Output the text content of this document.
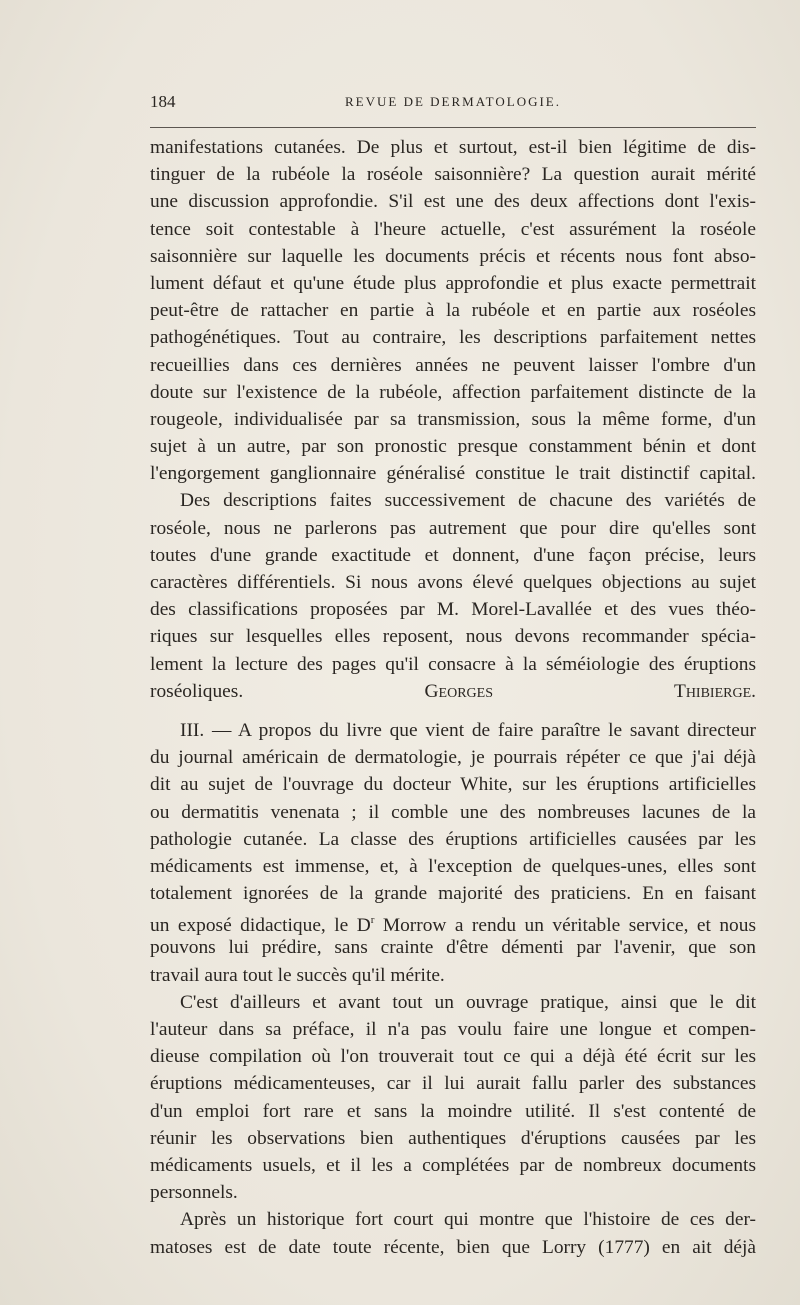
184	REVUE DE DERMATOLOGIE.
manifestations cutanées. De plus et surtout, est-il bien légitime de dis-
tinguer de la rubéole la roséole saisonnière? La question aurait mérité
une discussion approfondie. S'il est une des deux affections dont l'exis-
tence soit contestable à l'heure actuelle, c'est assurément la roséole
saisonnière sur laquelle les documents précis et récents nous font abso-
lument défaut et qu'une étude plus approfondie et plus exacte permettrait
peut-être de rattacher en partie à la rubéole et en partie aux roséoles
pathogénétiques. Tout au contraire, les descriptions parfaitement nettes
recueillies dans ces dernières années ne peuvent laisser l'ombre d'un
doute sur l'existence de la rubéole, affection parfaitement distincte de la
rougeole, individualisée par sa transmission, sous la même forme, d'un
sujet à un autre, par son pronostic presque constamment bénin et dont
l'engorgement ganglionnaire généralisé constitue le trait distinctif capital.
Des descriptions faites successivement de chacune des variétés de
roséole, nous ne parlerons pas autrement que pour dire qu'elles sont
toutes d'une grande exactitude et donnent, d'une façon précise, leurs
caractères différentiels. Si nous avons élevé quelques objections au sujet
des classifications proposées par M. Morel-Lavallée et des vues théo-
riques sur lesquelles elles reposent, nous devons recommander spécia-
lement la lecture des pages qu'il consacre à la séméiologie des éruptions
roséoliques.	Georges Thibierge.
III. — A propos du livre que vient de faire paraître le savant directeur
du journal américain de dermatologie, je pourrais répéter ce que j'ai déjà
dit au sujet de l'ouvrage du docteur White, sur les éruptions artificielles
ou dermatitis venenata ; il comble une des nombreuses lacunes de la
pathologie cutanée. La classe des éruptions artificielles causées par les
médicaments est immense, et, à l'exception de quelques-unes, elles sont
totalement ignorées de la grande majorité des praticiens. En en faisant
un exposé didactique, le $D^r$ Morrow a rendu un véritable service, et nous
pouvons lui prédire, sans crainte d'être démenti par l'avenir, que son
travail aura tout le succès qu'il mérite.
C'est d'ailleurs et avant tout un ouvrage pratique, ainsi que le dit
l'auteur dans sa préface, il n'a pas voulu faire une longue et compen-
dieuse compilation où l'on trouverait tout ce qui a déjà été écrit sur les
éruptions médicamenteuses, car il lui aurait fallu parler des substances
d'un emploi fort rare et sans la moindre utilité. Il s'est contenté de
réunir les observations bien authentiques d'éruptions causées par les
médicaments usuels, et il les a complétées par de nombreux documents
personnels.
Après un historique fort court qui montre que l'histoire de ces der-
matoses est de date toute récente, bien que Lorry (1777) en ait déjà
